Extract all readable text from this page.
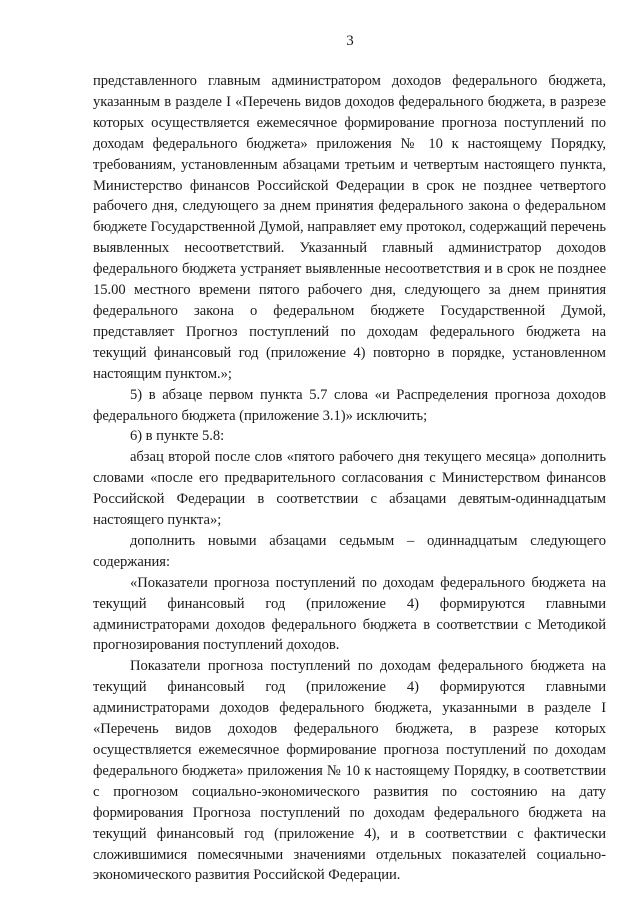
3

представленного главным администратором доходов федерального бюджета, указанным в разделе I «Перечень видов доходов федерального бюджета, в разрезе которых осуществляется ежемесячное формирование прогноза поступлений по доходам федерального бюджета» приложения № 10 к настоящему Порядку, требованиям, установленным абзацами третьим и четвертым настоящего пункта, Министерство финансов Российской Федерации в срок не позднее четвертого рабочего дня, следующего за днем принятия федерального закона о федеральном бюджете Государственной Думой, направляет ему протокол, содержащий перечень выявленных несоответствий. Указанный главный администратор доходов федерального бюджета устраняет выявленные несоответствия и в срок не позднее 15.00 местного времени пятого рабочего дня, следующего за днем принятия федерального закона о федеральном бюджете Государственной Думой, представляет Прогноз поступлений по доходам федерального бюджета на текущий финансовый год (приложение 4) повторно в порядке, установленном настоящим пунктом.»;

5) в абзаце первом пункта 5.7 слова «и Распределения прогноза доходов федерального бюджета (приложение 3.1)» исключить;

6) в пункте 5.8:

абзац второй после слов «пятого рабочего дня текущего месяца» дополнить словами «после его предварительного согласования с Министерством финансов Российской Федерации в соответствии с абзацами девятым-одиннадцатым настоящего пункта»;

дополнить новыми абзацами седьмым – одиннадцатым следующего содержания:

«Показатели прогноза поступлений по доходам федерального бюджета на текущий финансовый год (приложение 4) формируются главными администраторами доходов федерального бюджета в соответствии с Методикой прогнозирования поступлений доходов.

Показатели прогноза поступлений по доходам федерального бюджета на текущий финансовый год (приложение 4) формируются главными администраторами доходов федерального бюджета, указанными в разделе I «Перечень видов доходов федерального бюджета, в разрезе которых осуществляется ежемесячное формирование прогноза поступлений по доходам федерального бюджета» приложения № 10 к настоящему Порядку, в соответствии с прогнозом социально-экономического развития по состоянию на дату формирования Прогноза поступлений по доходам федерального бюджета на текущий финансовый год (приложение 4), и в соответствии с фактически сложившимися помесячными значениями отдельных показателей социально-экономического развития Российской Федерации.
